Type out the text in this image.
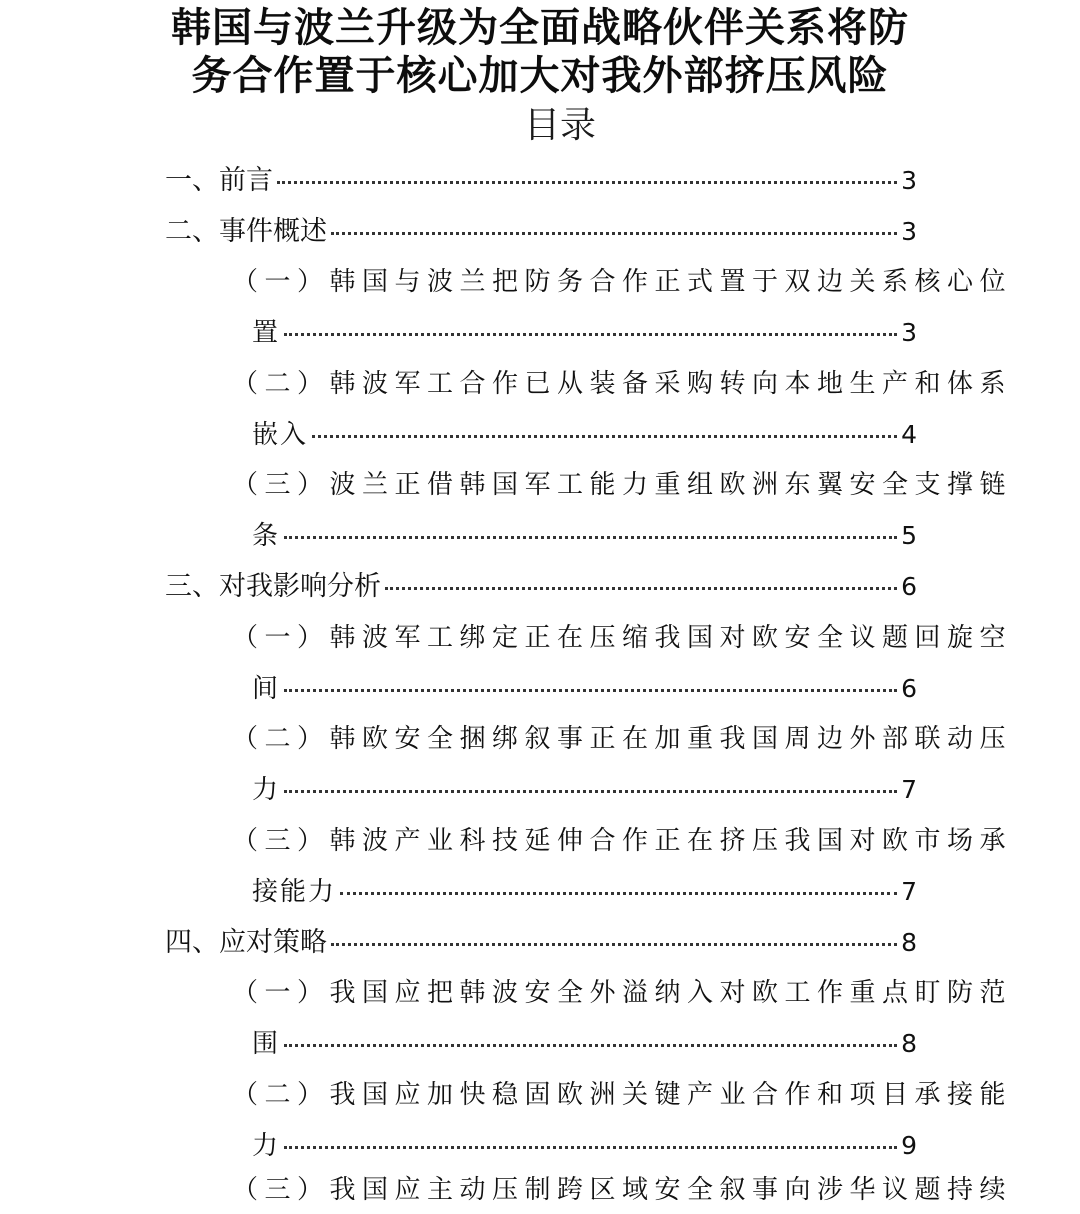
韩国与波兰升级为全面战略伙伴关系将防
务合作置于核心加大对我外部挤压风险
目录
一、前言	3
二、事件概述	3
（一）韩国与波兰把防务合作正式置于双边关系核心位
置	3
（二）韩波军工合作已从装备采购转向本地生产和体系
嵌入	4
（三）波兰正借韩国军工能力重组欧洲东翼安全支撑链
条	5
三、对我影响分析	6
（一）韩波军工绑定正在压缩我国对欧安全议题回旋空
间	6
（二）韩欧安全捆绑叙事正在加重我国周边外部联动压
力	7
（三）韩波产业科技延伸合作正在挤压我国对欧市场承
接能力	7
四、应对策略	8
（一）我国应把韩波安全外溢纳入对欧工作重点盯防范
围	8
（二）我国应加快稳固欧洲关键产业合作和项目承接能
力	9
（三）我国应主动压制跨区域安全叙事向涉华议题持续
